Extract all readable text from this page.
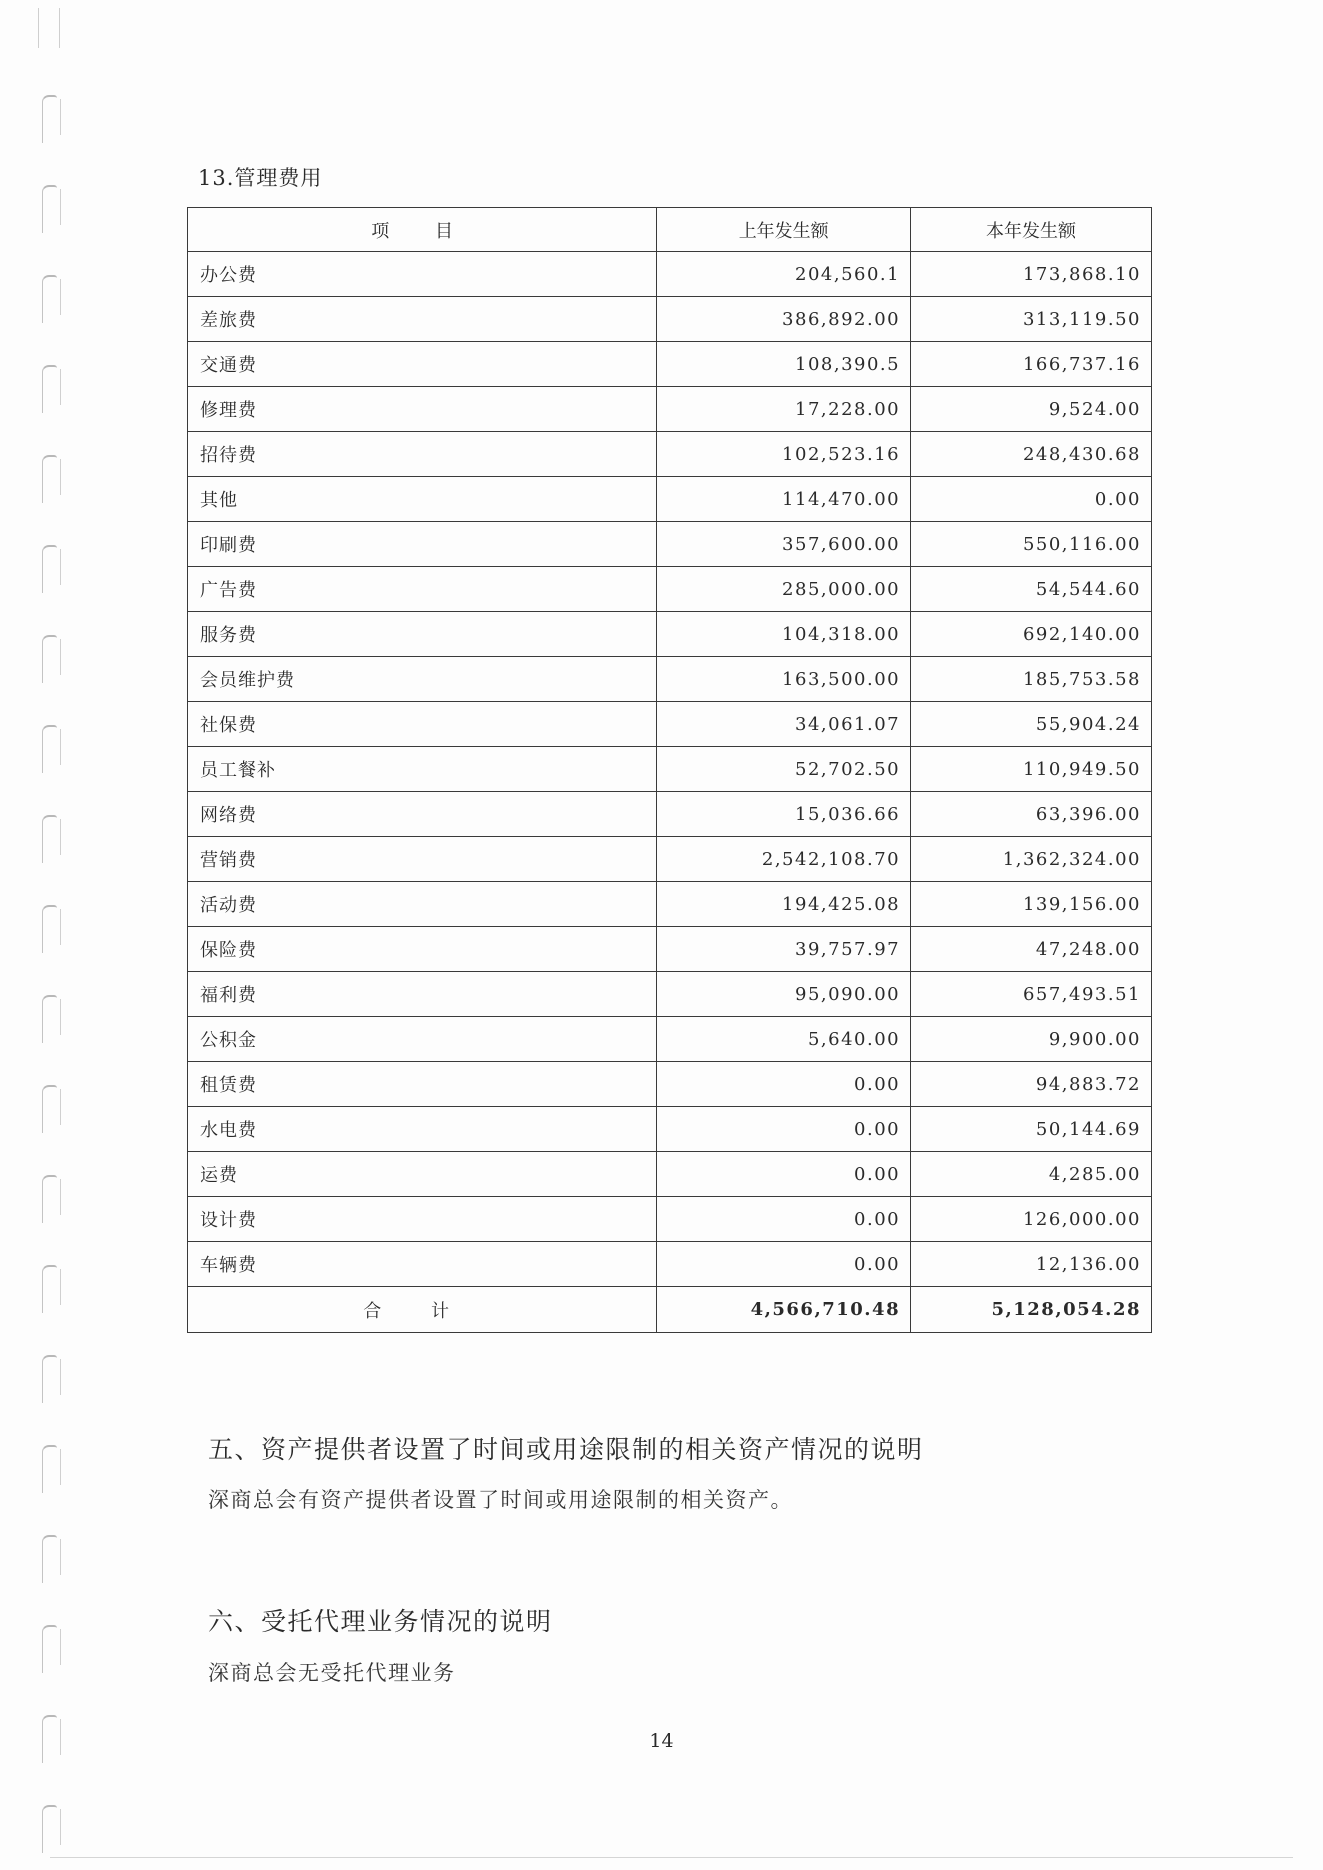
13.管理费用
项 目	上年发生额	本年发生额
办公费	204,560.1	173,868.10
差旅费	386,892.00	313,119.50
交通费	108,390.5	166,737.16
修理费	17,228.00	9,524.00
招待费	102,523.16	248,430.68
其他	114,470.00	0.00
印刷费	357,600.00	550,116.00
广告费	285,000.00	54,544.60
服务费	104,318.00	692,140.00
会员维护费	163,500.00	185,753.58
社保费	34,061.07	55,904.24
员工餐补	52,702.50	110,949.50
网络费	15,036.66	63,396.00
营销费	2,542,108.70	1,362,324.00
活动费	194,425.08	139,156.00
保险费	39,757.97	47,248.00
福利费	95,090.00	657,493.51
公积金	5,640.00	9,900.00
租赁费	0.00	94,883.72
水电费	0.00	50,144.69
运费	0.00	4,285.00
设计费	0.00	126,000.00
车辆费	0.00	12,136.00
合 计	4,566,710.48	5,128,054.28
五、资产提供者设置了时间或用途限制的相关资产情况的说明
深商总会有资产提供者设置了时间或用途限制的相关资产。
六、受托代理业务情况的说明
深商总会无受托代理业务
14
